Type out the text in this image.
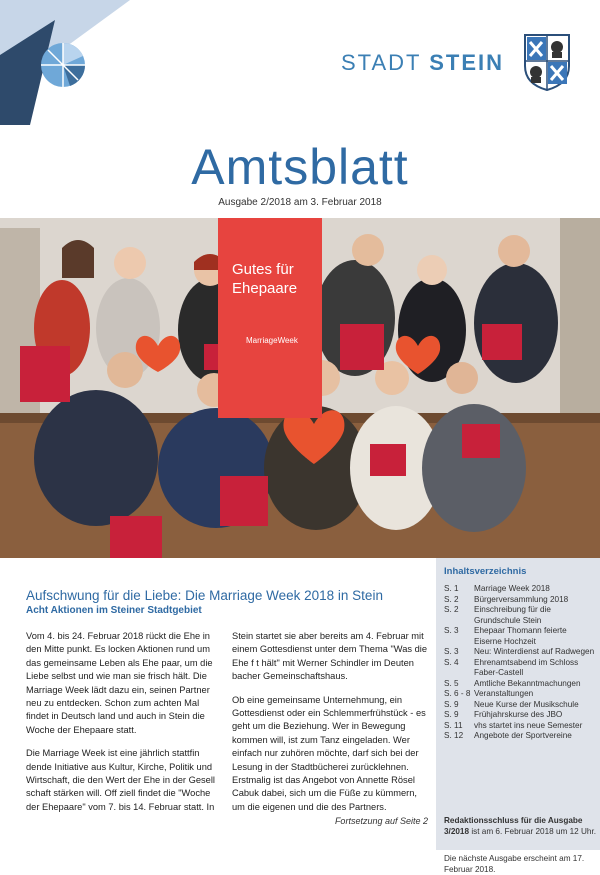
STADT STEIN
Amtsblatt
Ausgabe 2/2018 am 3. Februar 2018
Gutes für Ehepaare
MarriageWeek
Aufschwung für die Liebe: Die Marriage Week 2018 in Stein
Acht Aktionen im Steiner Stadtgebiet

Vom 4. bis 24. Februar 2018 rückt die Ehe in den Mitte punkt. Es locken Aktionen rund um das gemeinsame Leben als Ehe paar, um die Liebe selbst und wie man sie frisch hält. Die Marriage Week lädt dazu ein, seinen Partner neu zu entdecken. Schon zum achten Mal findet in Deutsch land und auch in Stein die Woche der Ehepaare statt.

Die Marriage Week ist eine jährlich stattfin dende Initiative aus Kultur, Kirche, Politik und Wirtschaft, die den Wert der Ehe in der Gesell schaft stärken will. Off ziell findet die "Woche der Ehepaare" vom 7. bis 14. Februar statt. In

Stein startet sie aber bereits am 4. Februar mit einem Gottesdienst unter dem Thema "Was die Ehe f t hält" mit Werner Schindler im Deuten bacher Gemeinschaftshaus.

Ob eine gemeinsame Unternehmung, ein Gottesdienst oder ein Schlemmerfrühstück - es geht um die Beziehung. Wer in Bewegung kommen will, ist zum Tanz eingeladen. Wer einfach nur zuhören möchte, darf sich bei der Lesung in der Stadtbücherei zurücklehnen. Erstmalig ist das Angebot von Annette Rösel Cabuk dabei, sich um die Füße zu kümmern, um die eigenen und die des Partners.

Fortsetzung auf Seite 2
Inhaltsverzeichnis
S. 1	Marriage Week 2018
S. 2	Bürgerversammlung 2018
S. 2	Einschreibung für die Grundschule Stein
S. 3	Ehepaar Thomann feierte Eiserne Hochzeit
S. 3	Neu: Winterdienst auf Radwegen
S. 4	Ehrenamtsabend im Schloss Faber-Castell
S. 5	Amtliche Bekanntmachungen
S. 6 - 8 Veranstaltungen
S. 9	Neue Kurse der Musikschule
S. 9	Frühjahrskurse des JBO
S. 11	vhs startet ins neue Semester
S. 12	Angebote der Sportvereine
Redaktionsschluss für die Ausgabe 3/2018 ist am 6. Februar 2018 um 12 Uhr.
Die nächste Ausgabe erscheint am 17. Februar 2018.
